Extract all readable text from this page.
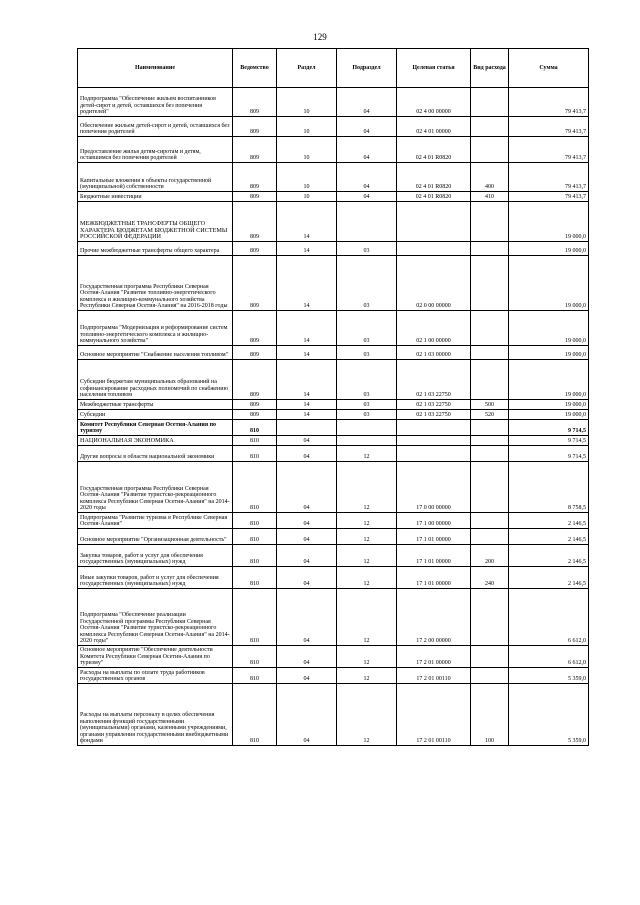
129
Наименование	Ведомство	Раздел	Подраздел	Целевая статья	Вид расхода	Сумма
Подпрограмма "Обеспечение жильем воспитанников детей-сирот и детей, оставшихся без попечения родителей"	809	10	04	02 4 00 00000		79 413,7
Обеспечение жильем детей-сирот и детей, оставшихся без попечения родителей	809	10	04	02 4 01 00000		79 413,7
Предоставление жилья детям-сиротам и детям, оставшимся без попечения родителей	809	10	04	02 4 01 R0820		79 413,7
Капитальные вложения в объекты государственной (муниципальной) собственности	809	10	04	02 4 01 R0820	400	79 413,7
Бюджетные инвестиции	809	10	04	02 4 01 R0820	410	79 413,7
МЕЖБЮДЖЕТНЫЕ ТРАНСФЕРТЫ ОБЩЕГО ХАРАКТЕРА БЮДЖЕТАМ БЮДЖЕТНОЙ СИСТЕМЫ РОССИЙСКОЙ ФЕДЕРАЦИИ	809	14				19 000,0
Прочие межбюджетные трансферты общего характера	809	14	03			19 000,0
Государственная программа Республики Северная Осетия-Алания "Развитие топливно-энергетического комплекса и жилищно-коммунального хозяйства Республики Северная Осетия-Алания" на 2016-2018 годы	809	14	03	02 0 00 00000		19 000,0
Подпрограмма "Модернизация и реформирование систем топливно-энергетического комплекса и жилищно-коммунального хозяйства"	809	14	03	02 1 00 00000		19 000,0
Основное мероприятие "Снабжение населения топливом"	809	14	03	02 1 03 00000		19 000,0
Субсидии бюджетам муниципальных образований на софинансирование расходных полномочий по снабжению населения топливом	809	14	03	02 1 03 22750		19 000,0
Межбюджетные трансферты	809	14	03	02 1 03 22750	500	19 000,0
Субсидии	809	14	03	02 1 03 22750	520	19 000,0
Комитет Республики Северная Осетия-Алания по туризму	810					9 714,5
НАЦИОНАЛЬНАЯ ЭКОНОМИКА	810	04				9 714,5
Другие вопросы в области национальной экономики	810	04	12			9 714,5
Государственная программа Республики Северная Осетия-Алания "Развитие туристско-рекреационного комплекса Республики Северная Осетия-Алания" на 2014-2020 годы	810	04	12	17 0 00 00000		8 758,5
Подпрограмма "Развитие туризма в Республике Северная Осетия-Алания"	810	04	12	17 1 00 00000		2 146,5
Основное мероприятие "Организационная деятельность"	810	04	12	17 1 01 00000		2 146,5
Закупка товаров, работ и услуг для обеспечения государственных (муниципальных) нужд	810	04	12	17 1 01 00000	200	2 146,5
Иные закупки товаров, работ и услуг для обеспечения государственных (муниципальных) нужд	810	04	12	17 1 01 00000	240	2 146,5
Подпрограмма "Обеспечение реализации Государственной программы Республики Северная Осетия-Алания "Развитие туристско-рекреационного комплекса Республики Северная Осетия-Алания" на 2014-2020 годы"	810	04	12	17 2 00 00000		6 612,0
Основное мероприятие "Обеспечение деятельности Комитета Республики Северная Осетия-Алания по туризму"	810	04	12	17 2 01 00000		6 612,0
Расходы на выплаты по оплате труда работников государственных органов	810	04	12	17 2 01 00110		5 359,0
Расходы на выплаты персоналу в целях обеспечения выполнения функций государственными (муниципальными) органами, казенными учреждениями, органами управления государственными внебюджетными фондами	810	04	12	17 2 01 00110	100	5 359,0
